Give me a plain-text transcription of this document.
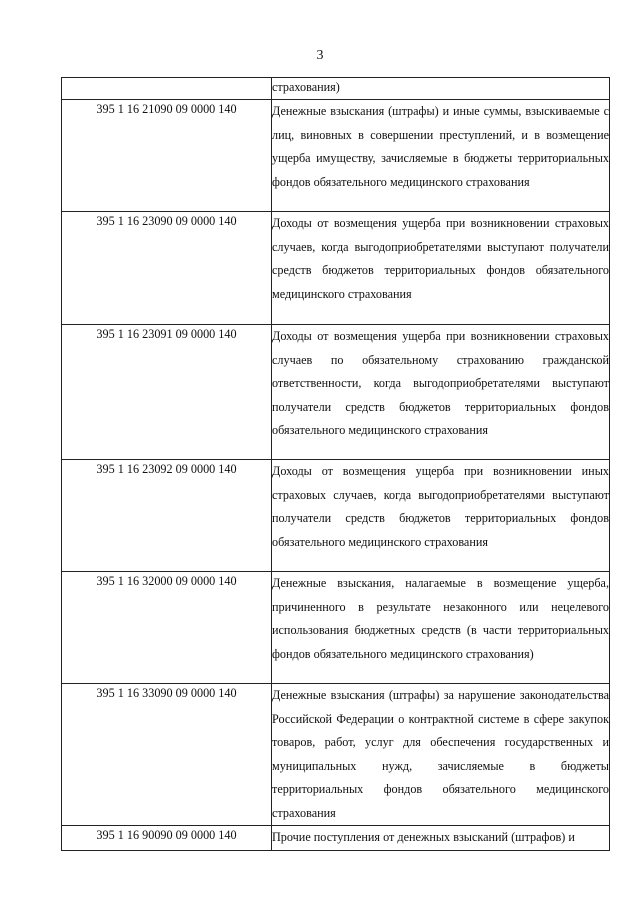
3
	страхования)
395 1 16 21090 09 0000 140	Денежные взыскания (штрафы) и иные суммы, взыскиваемые с лиц, виновных в совершении преступлений, и в возмещение ущерба имуществу, зачисляемые в бюджеты территориальных фондов обязательного медицинского страхования
395 1 16 23090 09 0000 140	Доходы от возмещения ущерба при возникновении страховых случаев, когда выгодоприобретателями выступают получатели средств бюджетов территориальных фондов обязательного медицинского страхования
395 1 16 23091 09 0000 140	Доходы от возмещения ущерба при возникновении страховых случаев по обязательному страхованию гражданской ответственности, когда выгодоприобретателями выступают получатели средств бюджетов территориальных фондов обязательного медицинского страхования
395 1 16 23092 09 0000 140	Доходы от возмещения ущерба при возникновении иных страховых случаев, когда выгодоприобретателями выступают получатели средств бюджетов территориальных фондов обязательного медицинского страхования
395 1 16 32000 09 0000 140	Денежные взыскания, налагаемые в возмещение ущерба, причиненного в результате незаконного или нецелевого использования бюджетных средств (в части территориальных фондов обязательного медицинского страхования)
395 1 16 33090 09 0000 140	Денежные взыскания (штрафы) за нарушение законодательства Российской Федерации о контрактной системе в сфере закупок товаров, работ, услуг для обеспечения государственных и муниципальных нужд, зачисляемые в бюджеты территориальных фондов обязательного медицинского страхования
395 1 16 90090 09 0000 140	Прочие поступления от денежных взысканий (штрафов) и
